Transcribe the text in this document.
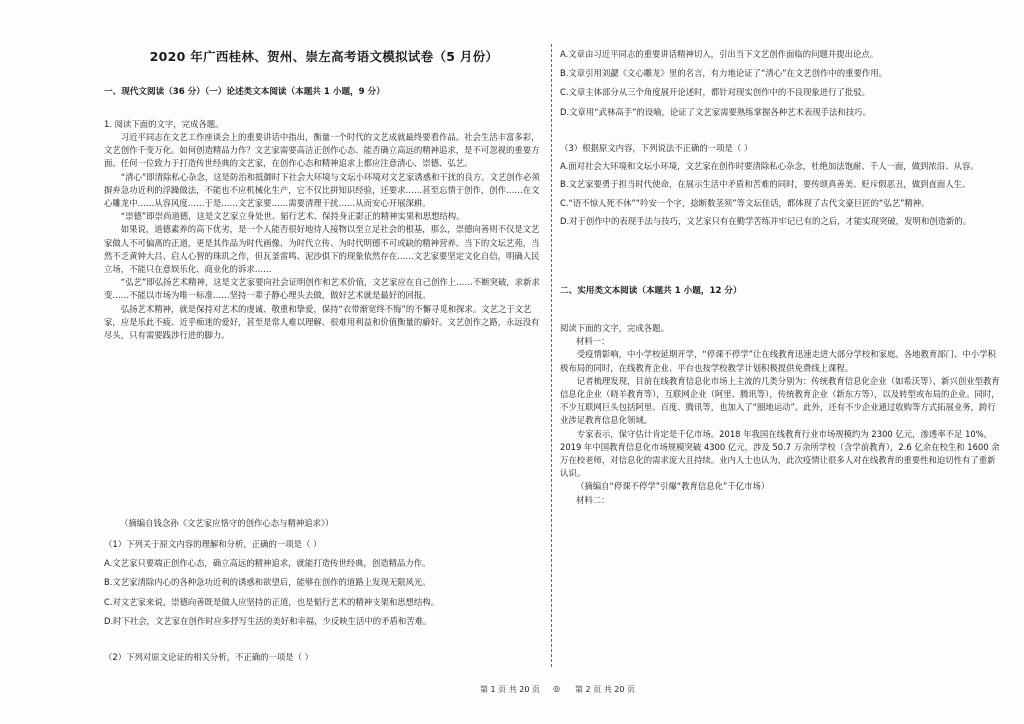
2020 年广西桂林、贺州、崇左高考语文模拟试卷（5 月份）
一、现代文阅读（36 分）（一）论述类文本阅读（本题共 1 小题，9 分）
1. 阅读下面的文字，完成各题。

习近平同志在文艺工作座谈会上的重要讲话中指出，衡量一个时代的文艺成就最终要看作品。社会生活丰富多彩，文艺创作千变万化。如何创造精品力作？文艺家需要高洁正创作心态、能否确立高远的精神追求，是不可忽视的重要方面。任何一位致力于打造传世经典的文艺家，在创作心态和精神追求上都应注意清心、崇德、弘艺。

“清心”即清除私心杂念，这是防治和抵御时下社会大环境与文坛小环境对文艺家诱惑和干扰的良方。文艺创作必须摒弃急功近利的浮躁做法，不能也不应机械化生产，它不仅比拼知识经验，还要求……甚至忘情于创作，创作……在文心雕龙中……从容风度……于是……文艺家要……需要清理干扰……从而安心开展深耕。

“崇德”即崇尚道德，这是文艺家立身处世、韬行艺术、保持身正影正的精神实果和思想结构。

如果说，道德素养的高下优劣，是一个人能否很好地待人接物以至立足社会的根基，那么，崇德向善则不仅是文艺家做人不可偏离的正道，更是其作品为时代画像、为时代立传、为时代明德不可或缺的精神营养。当下的文坛艺苑，当然不乏黄钟大吕、启人心智的珠玑之作，但瓦釜雷鸣、泥沙俱下的现象依然存在……文艺家要坚定文化自信，明确人民立场，不能只在意娱乐化、商业化的诉求……

“弘艺”即弘扬艺术精神，这是文艺家要向社会证明创作和艺术价值，文艺家应在自己创作上……不断突破，求新求变……不能以市场为唯一标准……坚持一辈子静心埋头去做，做好艺术就是最好的回报。

弘扬艺术精神，就是保持对艺术的虔诚、敬重和挚爱，保持“衣带渐宽终不悔”的不懈寻觅和探求。文艺之于文艺家，应是乐此不疲、近乎痴迷的爱好，甚至是常人难以理解、很难用利益和价值衡量的癖好。文艺创作之路，永远没有尽头，只有需要践涉行进的脚力。

（摘编自钱念孙《文艺家应恪守的创作心态与精神追求》）

（1）下列关于原文内容的理解和分析，正确的一项是（ ）

A.文艺家只要端正创作心态，确立高远的精神追求，就能打造传世经典，创造精品力作。

B.文艺家清除内心的各种急功近利的诱惑和欲望后，能够在创作的道路上发现无限风光。

C.对文艺家来说，崇德向善既是做人应坚持的正道，也是韬行艺术的精神支架和思想结构。

D.时下社会，文艺家在创作时应多抒写生活的美好和幸福，少反映生活中的矛盾和苦难。

（2）下列对原文论证的相关分析，不正确的一项是（ ）

A.文章由习近平同志的重要讲话精神切入，引出当下文艺创作面临的问题并提出论点。

B.文章引用刘勰《文心雕龙》里的名言，有力地论证了“清心”在文艺创作中的重要作用。

C.文章主体部分从三个角度展开论述时，都针对现实创作中的不良现象进行了批驳。

D.文章用“武林高手”的设喻，论证了文艺家需要熟练掌握各种艺术表现手法和技巧。

（3）根据原文内容，下列说法不正确的一项是（ ）

A.面对社会大环境和文坛小环境，文艺家在创作时要清除私心杂念，杜绝加法饱耐、千人一面，做到浓沿、从容。

B.文艺家要勇于担当时代使命，在展示生活中矛盾和苦难的同时，要传颂真善美、贬斥假恶丑，做到直面人生。

C.“语不惊人死不休”“吟安一个字，捻断数茎须”等文坛佳话，都体现了古代文豪巨匠的“弘艺”精神。

D.对于创作中的表现手法与技巧，文艺家只有在勤学苦练并牢记已有的之后，才能实现突破，发明和创造新的。

二、实用类文本阅读（本题共 1 小题，12 分）

阅读下面的文字，完成各题。

材料一：

受疫情影响，中小学校延期开学，“停课不停学”让在线教育迅速走进大部分学校和家庭。各地教育部门、中小学积极布局的同时，在线教育企业、平台也按学校教学计划积极提供免费线上课程。

记者梳理发现，目前在线教育信息化市场上主流的几类分别为：传统教育信息化企业（如希沃等），新兴创业型教育信息化企业（晓羊教育等），互联网企业（阿里、腾讯等），传统教育企业（新东方等），以及转型或布局的企业。同时，不少互联网巨头包括阿里、百度、腾讯等，也加入了“圈地运动”。此外，还有不少企业通过收购等方式拓展业务，跨行业涉足教育信息化领域。

专家表示，保守估计肯定是千亿市场。2018 年我国在线教育行业市场规模约为 2300 亿元，渗透率不足 10%。2019 年中国教育信息化市场规模突破 4300 亿元，涉及 50.7 万余所学校（含学前教育），2.6 亿余在校生和 1600 余万在校老师，对信息化的需求庞大且持续。业内人士也认为，此次疫情让很多人对在线教育的重要性和迫切性有了重新认识。

（摘编自“停课不停学”引爆“教育信息化”千亿市场）

材料二：

第 1 页 共 20 页 ◎ 第 2 页 共 20 页
